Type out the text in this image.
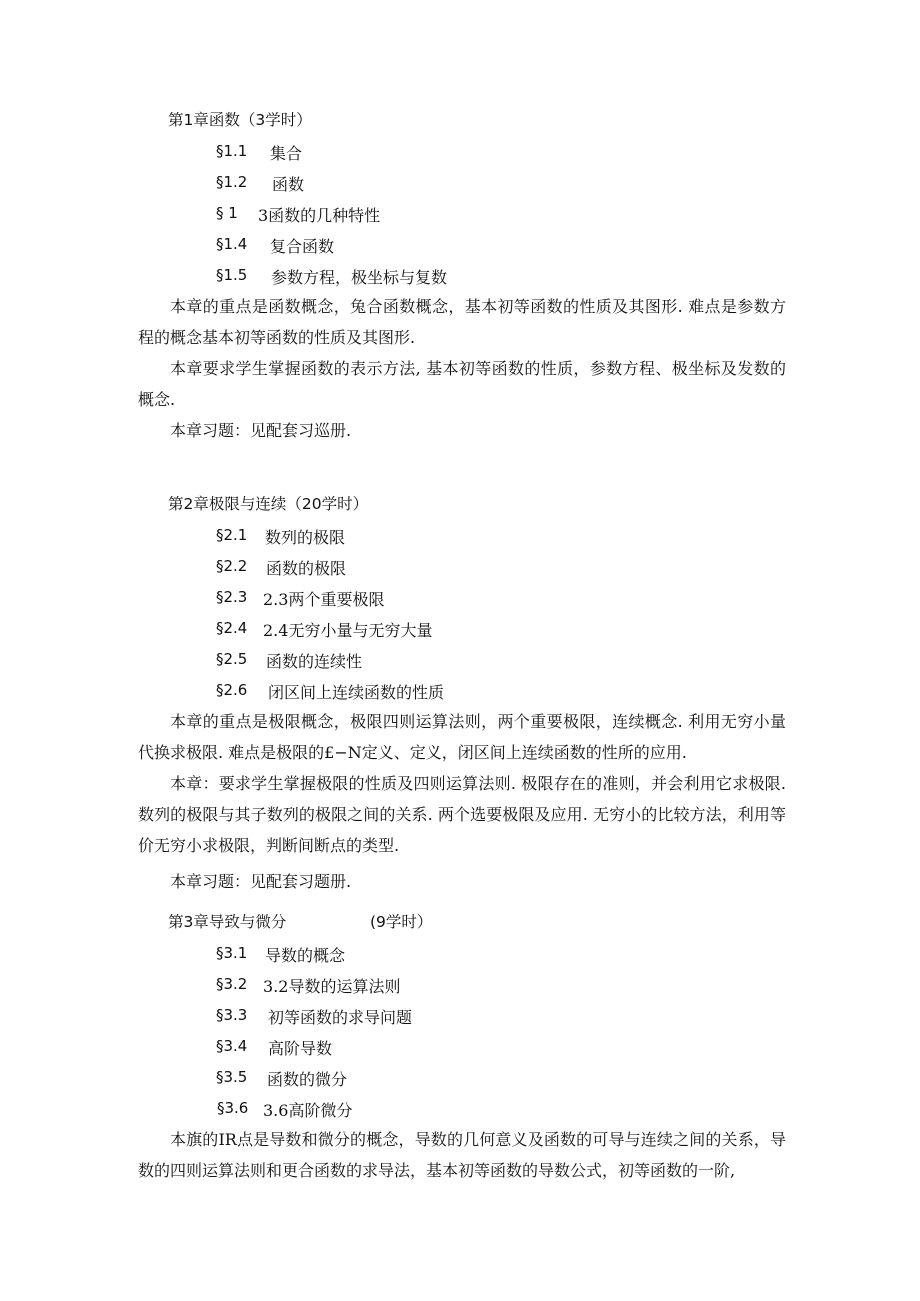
第1章函数（3学时）
§1.1 集合
§1.2 函数
§ 1 3函数的几种特性
§1.4 复合函数
§1.5 参数方程，极坐标与复数
本章的重点是函数概念，兔合函数概念，基本初等函数的性质及其图形. 难点是参数方程的概念基本初等函数的性质及其图形.
本章要求学生掌握函数的表示方法, 基本初等函数的性质，参数方程、极坐标及发数的概念.
本章习题：见配套习巡册.
第2章极限与连续（20学时）
§2.1 数列的极限
§2.2 函数的极限
§2.3 2.3两个重要极限
§2.4 2.4无穷小量与无穷大量
§2.5 函数的连续性
§2.6 闭区间上连续函数的性质
本章的重点是极限概念，极限四则运算法则，两个重要极限，连续概念. 利用无穷小量代换求极限. 难点是极限的£−N定义、定义，闭区间上连续函数的性所的应用.
本章：要求学生掌握极限的性质及四则运算法则. 极限存在的准则，并会利用它求极限. 数列的极限与其子数列的极限之间的关系. 两个选要极限及应用. 无穷小的比较方法，利用等价无穷小求极限，判断间断点的类型.
本章习题：见配套习题册.
第3章导致与微分	(9学时）
§3.1 导数的概念
§3.2 3.2导数的运算法则
§3.3 初等函数的求导问题
§3.4 高阶导数
§3.5 函数的微分
§3.6 3.6高阶微分
本旗的IR点是导数和微分的概念，导数的几何意义及函数的可导与连续之间的关系，导数的四则运算法则和更合函数的求导法，基本初等函数的导数公式，初等函数的一阶,
